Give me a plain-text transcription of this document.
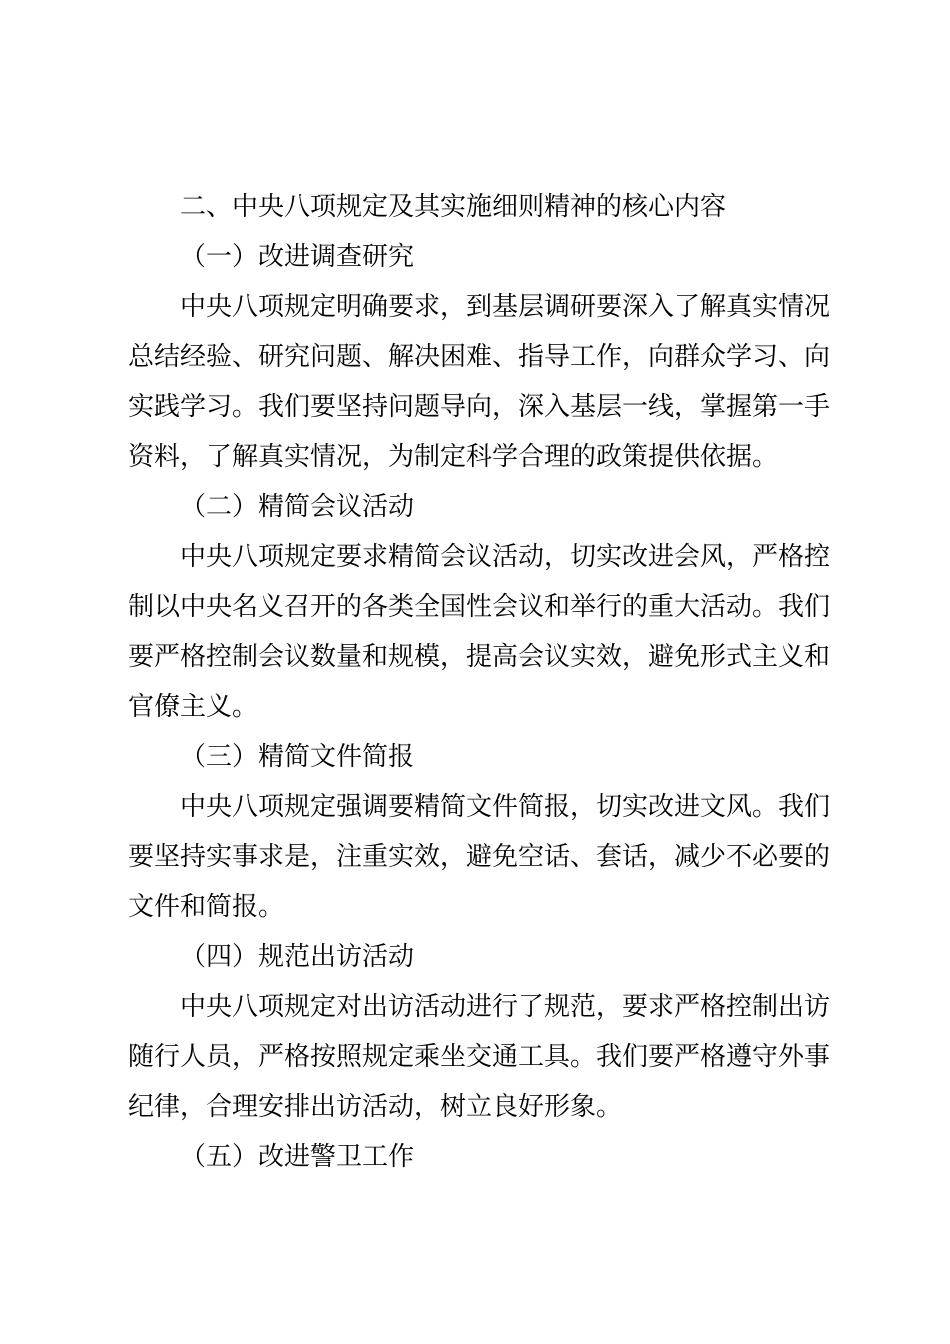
二、中央八项规定及其实施细则精神的核心内容
（一）改进调查研究
中央八项规定明确要求，到基层调研要深入了解真实情况
总结经验、研究问题、解决困难、指导工作，向群众学习、向
实践学习。我们要坚持问题导向，深入基层一线，掌握第一手
资料，了解真实情况，为制定科学合理的政策提供依据。
（二）精简会议活动
中央八项规定要求精简会议活动，切实改进会风，严格控
制以中央名义召开的各类全国性会议和举行的重大活动。我们
要严格控制会议数量和规模，提高会议实效，避免形式主义和
官僚主义。
（三）精简文件简报
中央八项规定强调要精简文件简报，切实改进文风。我们
要坚持实事求是，注重实效，避免空话、套话，减少不必要的
文件和简报。
（四）规范出访活动
中央八项规定对出访活动进行了规范，要求严格控制出访
随行人员，严格按照规定乘坐交通工具。我们要严格遵守外事
纪律，合理安排出访活动，树立良好形象。
（五）改进警卫工作
